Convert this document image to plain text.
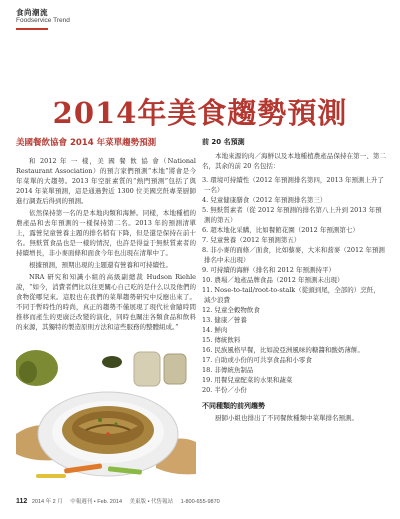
食尚潮流
Foodservice Trend
2014年美食趨勢預測
美國餐飲協會 2014 年菜單趨勢預測

和 2012 年 一 樣，美 國 餐 飲 協 會（National Restaurant Association）的預言家們預測“本地”將會是今年菜單的大趨勢。2013 年空脏素質的“熱門預測”包括了與 2014 年菜單預測，這是通過對近 1300 位美國烹飪專業厨師進行調查后得到的預測。

依然保持第一名的是本地肉類和海鮮。同樣，本地種植的農產品和去年預測的一樣保持第二名。2013 年的預測清單上，露營兒童營養主題的排名稍有下降，但是還是保持在前十名。無麩質食品也是一樣的情況，也許是得益于無麩質素者的持續增長，非小麥面條和面食今年也出現在清單中了。

根據預測，預期出現的主題還有營養和可持續性。

NRA 研究和知識小組的高級副總裁 Hudson Riehle 說，“如今，消費者們比以往更關心自己吃的是什么以及他們的食物從哪兒來。這股也在我們的菜單趨勢研究中反應出來了。不同于暫時性的時尚，真正的趨勢不僅展現了現代社會隨時間推移而產生的更廣泛改變的演化，同時也關注各類食品和飲料的來源，其獨特的製造原則方法和這些服務的整體組成。”

前 20 名預測

本地來源的肉／海鮮以及本地種植農產品保持在第一、第二名，其余的前 20 名包括：

3. 環境可持續性（2012 年預測排名第四，2013 年預測上升了一名）
4. 兒童健康膳食（2012 年預測排名第三）
5. 無麩質素者（從 2012 年預測的排名第八上升到 2013 年預測的第五）
6. 超本地化采購，比如餐館花園（2012 年預測第七）
7. 兒童營養（2012 年預測第五）
8. 非小麥的面條／面食，比如藜麥，大米和蕎麥（2012 年預測排名中未出現）
9. 可持續的海鮮（排名和 2012 年預測持平）
10. 農場／地產品牌食品（2012 年預測未出現）
11. Nose-to-tail/root-to-stalk（從頭到尾，全部的）烹飪，減少浪費
12. 兒童全穀物飲食
13. 健康／營養
14. 鮮肉
15. 傳統飲料
16. 民族風格早餐，比如說亞洲風味的糖醬和酸奶薄餅。
17. 自助或小份的可共享食品和小零食
18. 非傳統魚制品
19. 用餐兒童配菜的水果和蔬菜
20. 半份／小份
不同種類的前列趨勢

厨師小組也排出了不同餐飲種類中菜單排名預測。

112 2014 年 2 月 中報週刊 • Feb. 2014 美東版 • 代售報站 1-800-655-9870
